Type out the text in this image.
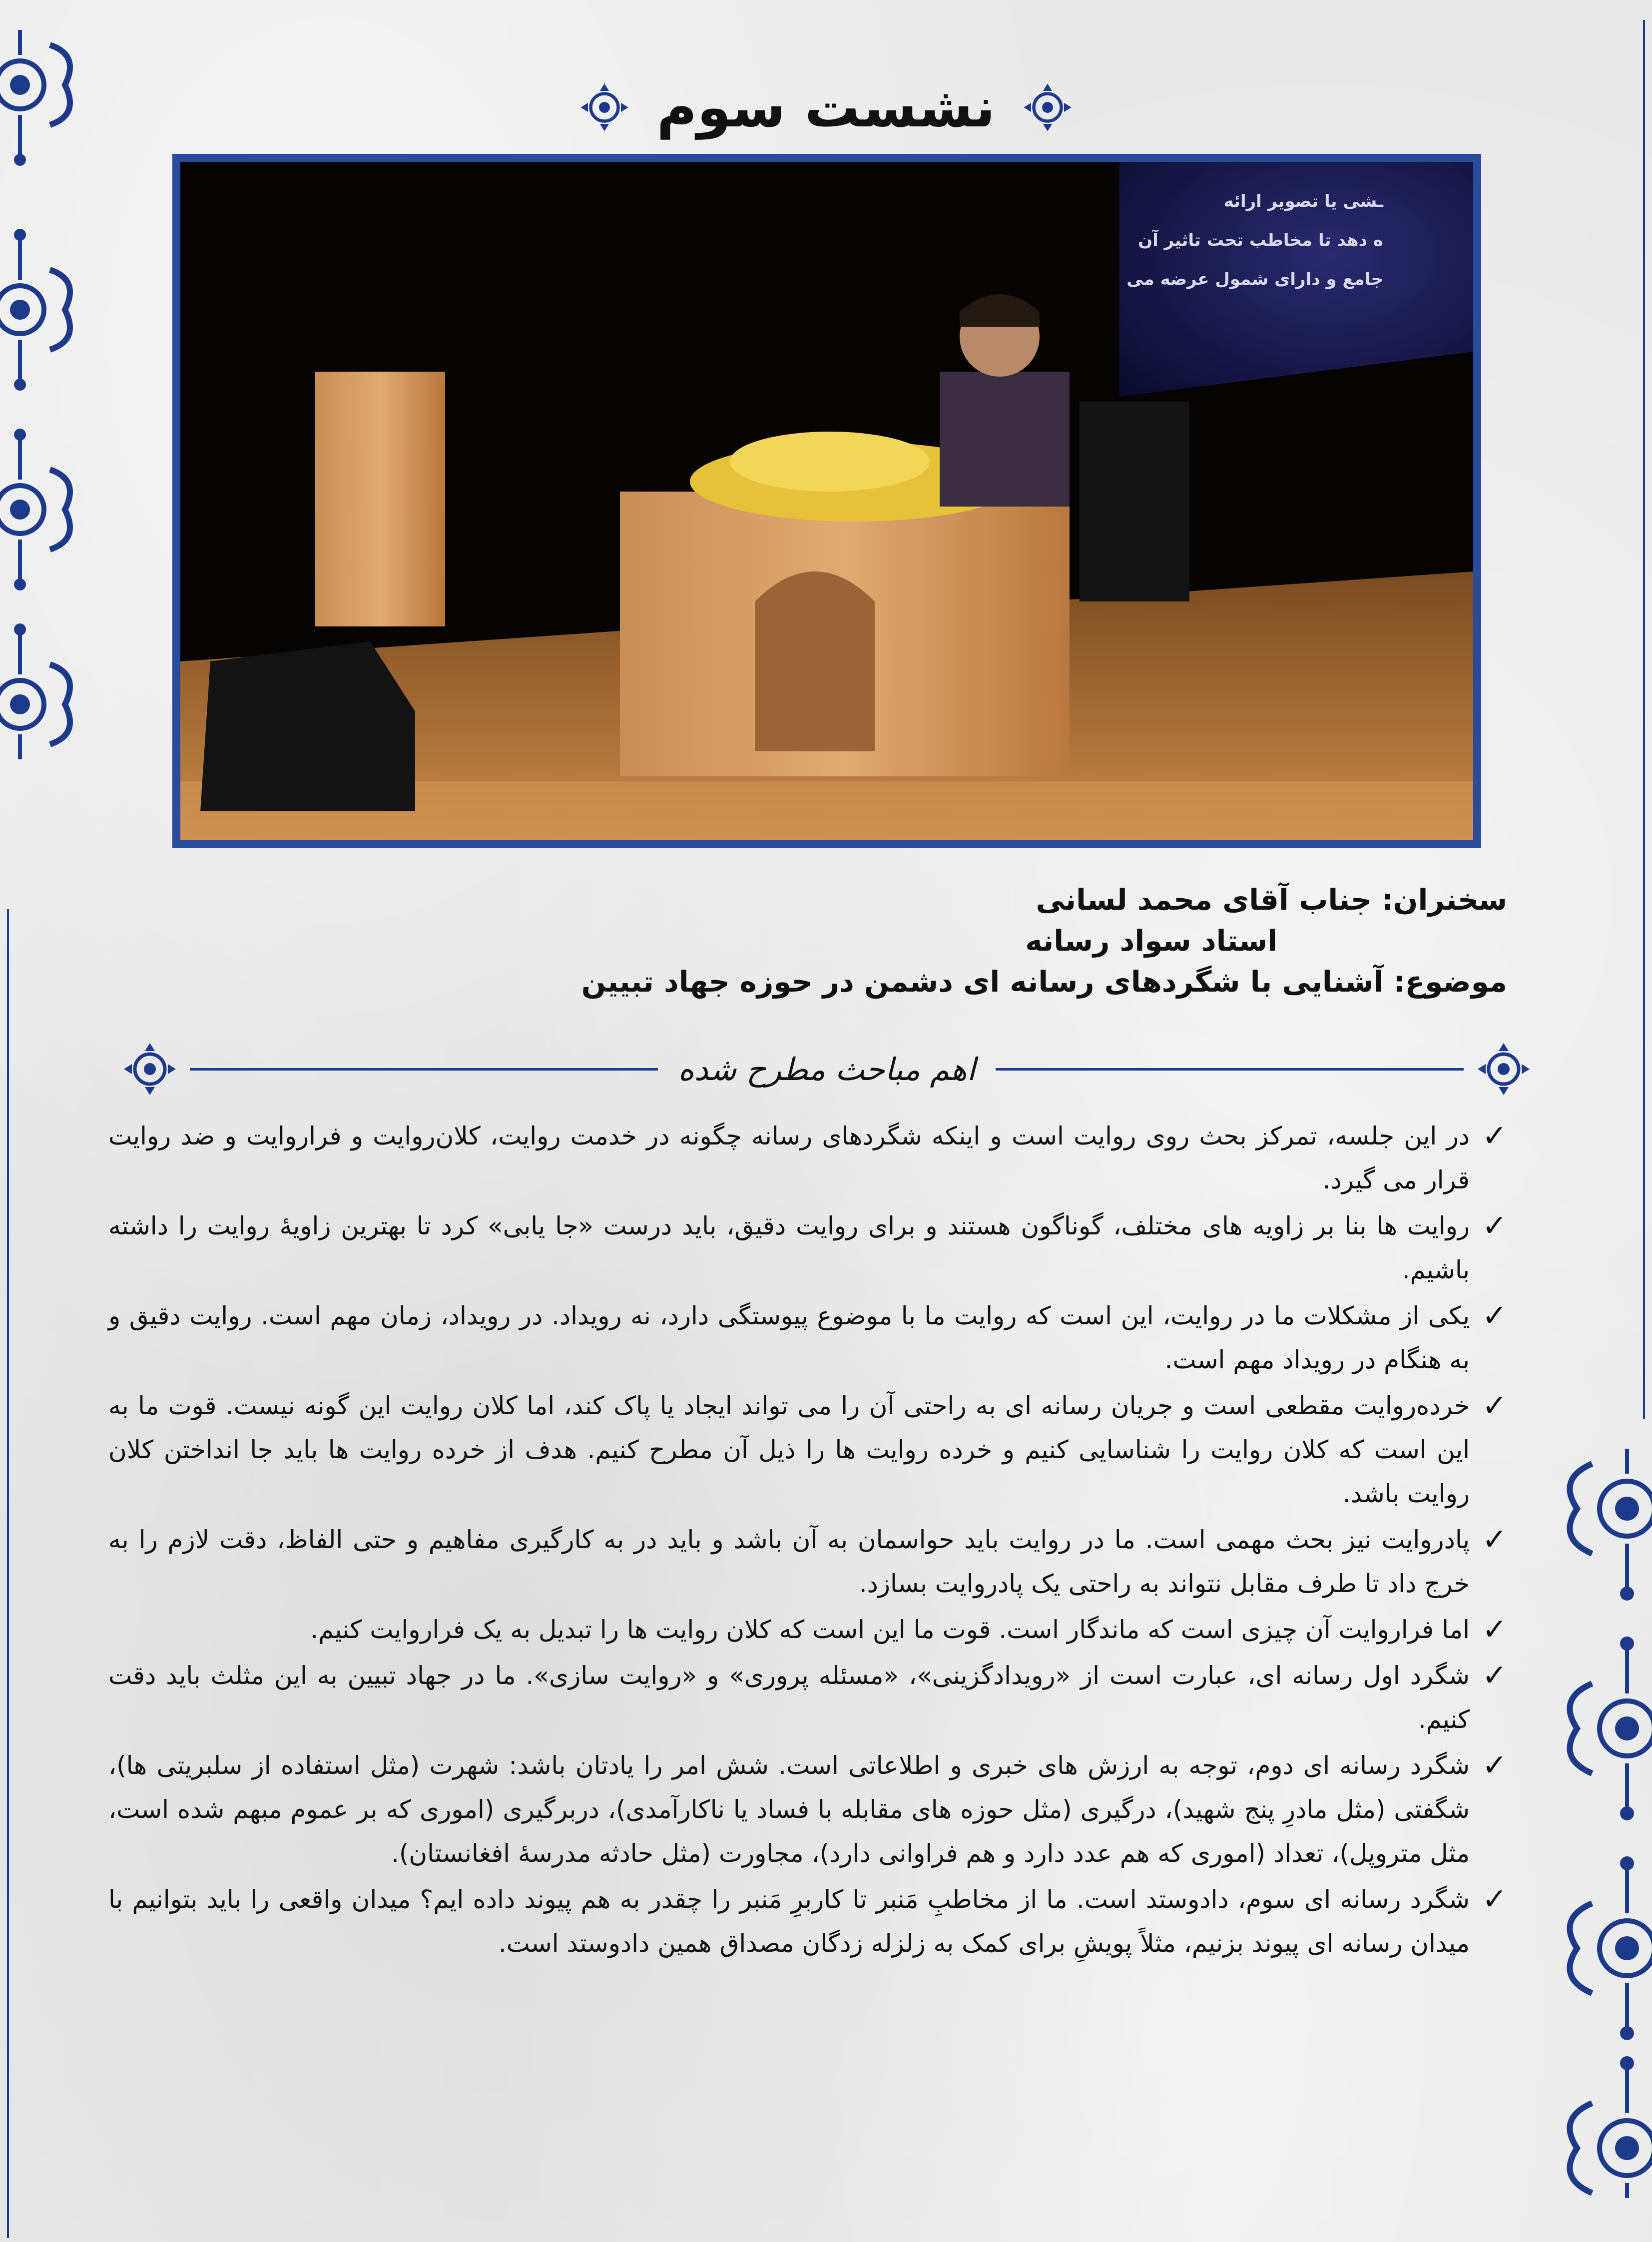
نشست سوم
ـشی یا تصویر ارائه
ه دهد تا مخاطب تحت تاثیر آن
جامع و دارای شمول عرضه می
سخنران: جناب آقای محمد لسانی
استاد سواد رسانه
موضوع: آشنایی با شگردهای رسانه ای دشمن در حوزه جهاد تبیین
اهم مباحث مطرح شده
✓
در این جلسه، تمرکز بحث روی روایت است و اینکه شگردهای رسانه چگونه در خدمت روایت، کلان‌روایت و فراروایت و ضد روایت قرار می گیرد.
✓
روایت ها بنا بر زاویه های مختلف، گوناگون هستند و برای روایت دقیق، باید درست «جا یابی» کرد تا بهترین زاویۀ روایت را داشته باشیم.
✓
یکی از مشکلات ما در روایت، این است که روایت ما با موضوع پیوستگی دارد، نه رویداد. در رویداد، زمان مهم است. روایت دقیق و به هنگام در رویداد مهم است.
✓
خرده‌روایت مقطعی است و جریان رسانه ای به راحتی آن را می تواند ایجاد یا پاک کند، اما کلان روایت این گونه نیست. قوت ما به این است که کلان روایت را شناسایی کنیم و خرده روایت ها را ذیل آن مطرح کنیم. هدف از خرده روایت ها باید جا انداختن کلان روایت باشد.
✓
پادروایت نیز بحث مهمی است. ما در روایت باید حواسمان به آن باشد و باید در به کارگیری مفاهیم و حتی الفاظ، دقت لازم را به خرج داد تا طرف مقابل نتواند به راحتی یک پادروایت بسازد.
✓
اما فراروایت آن چیزی است که ماندگار است. قوت ما این است که کلان روایت ها را تبدیل به یک فراروایت کنیم.
✓
شگرد اول رسانه ای، عبارت است از «رویدادگزینی»، «مسئله پروری» و «روایت سازی». ما در جهاد تبیین به این مثلث باید دقت کنیم.
✓
شگرد رسانه ای دوم، توجه به ارزش های خبری و اطلاعاتی است. شش امر را یادتان باشد: شهرت (مثل استفاده از سلبریتی ها)، شگفتی (مثل مادرِ پنج شهید)، درگیری (مثل حوزه های مقابله با فساد یا ناکارآمدی)، دربرگیری (اموری که بر عموم مبهم شده است، مثل متروپل)، تعداد (اموری که هم عدد دارد و هم فراوانی دارد)، مجاورت (مثل حادثه مدرسۀ افغانستان).
✓
شگرد رسانه ای سوم، دادوستد است. ما از مخاطبِ مَنبر تا کاربرِ مَنبر را چقدر به هم پیوند داده ایم؟ میدان واقعی را باید بتوانیم با میدان رسانه ای پیوند بزنیم، مثلاً پویشِ برای کمک به زلزله زدگان مصداق همین دادوستد است.
